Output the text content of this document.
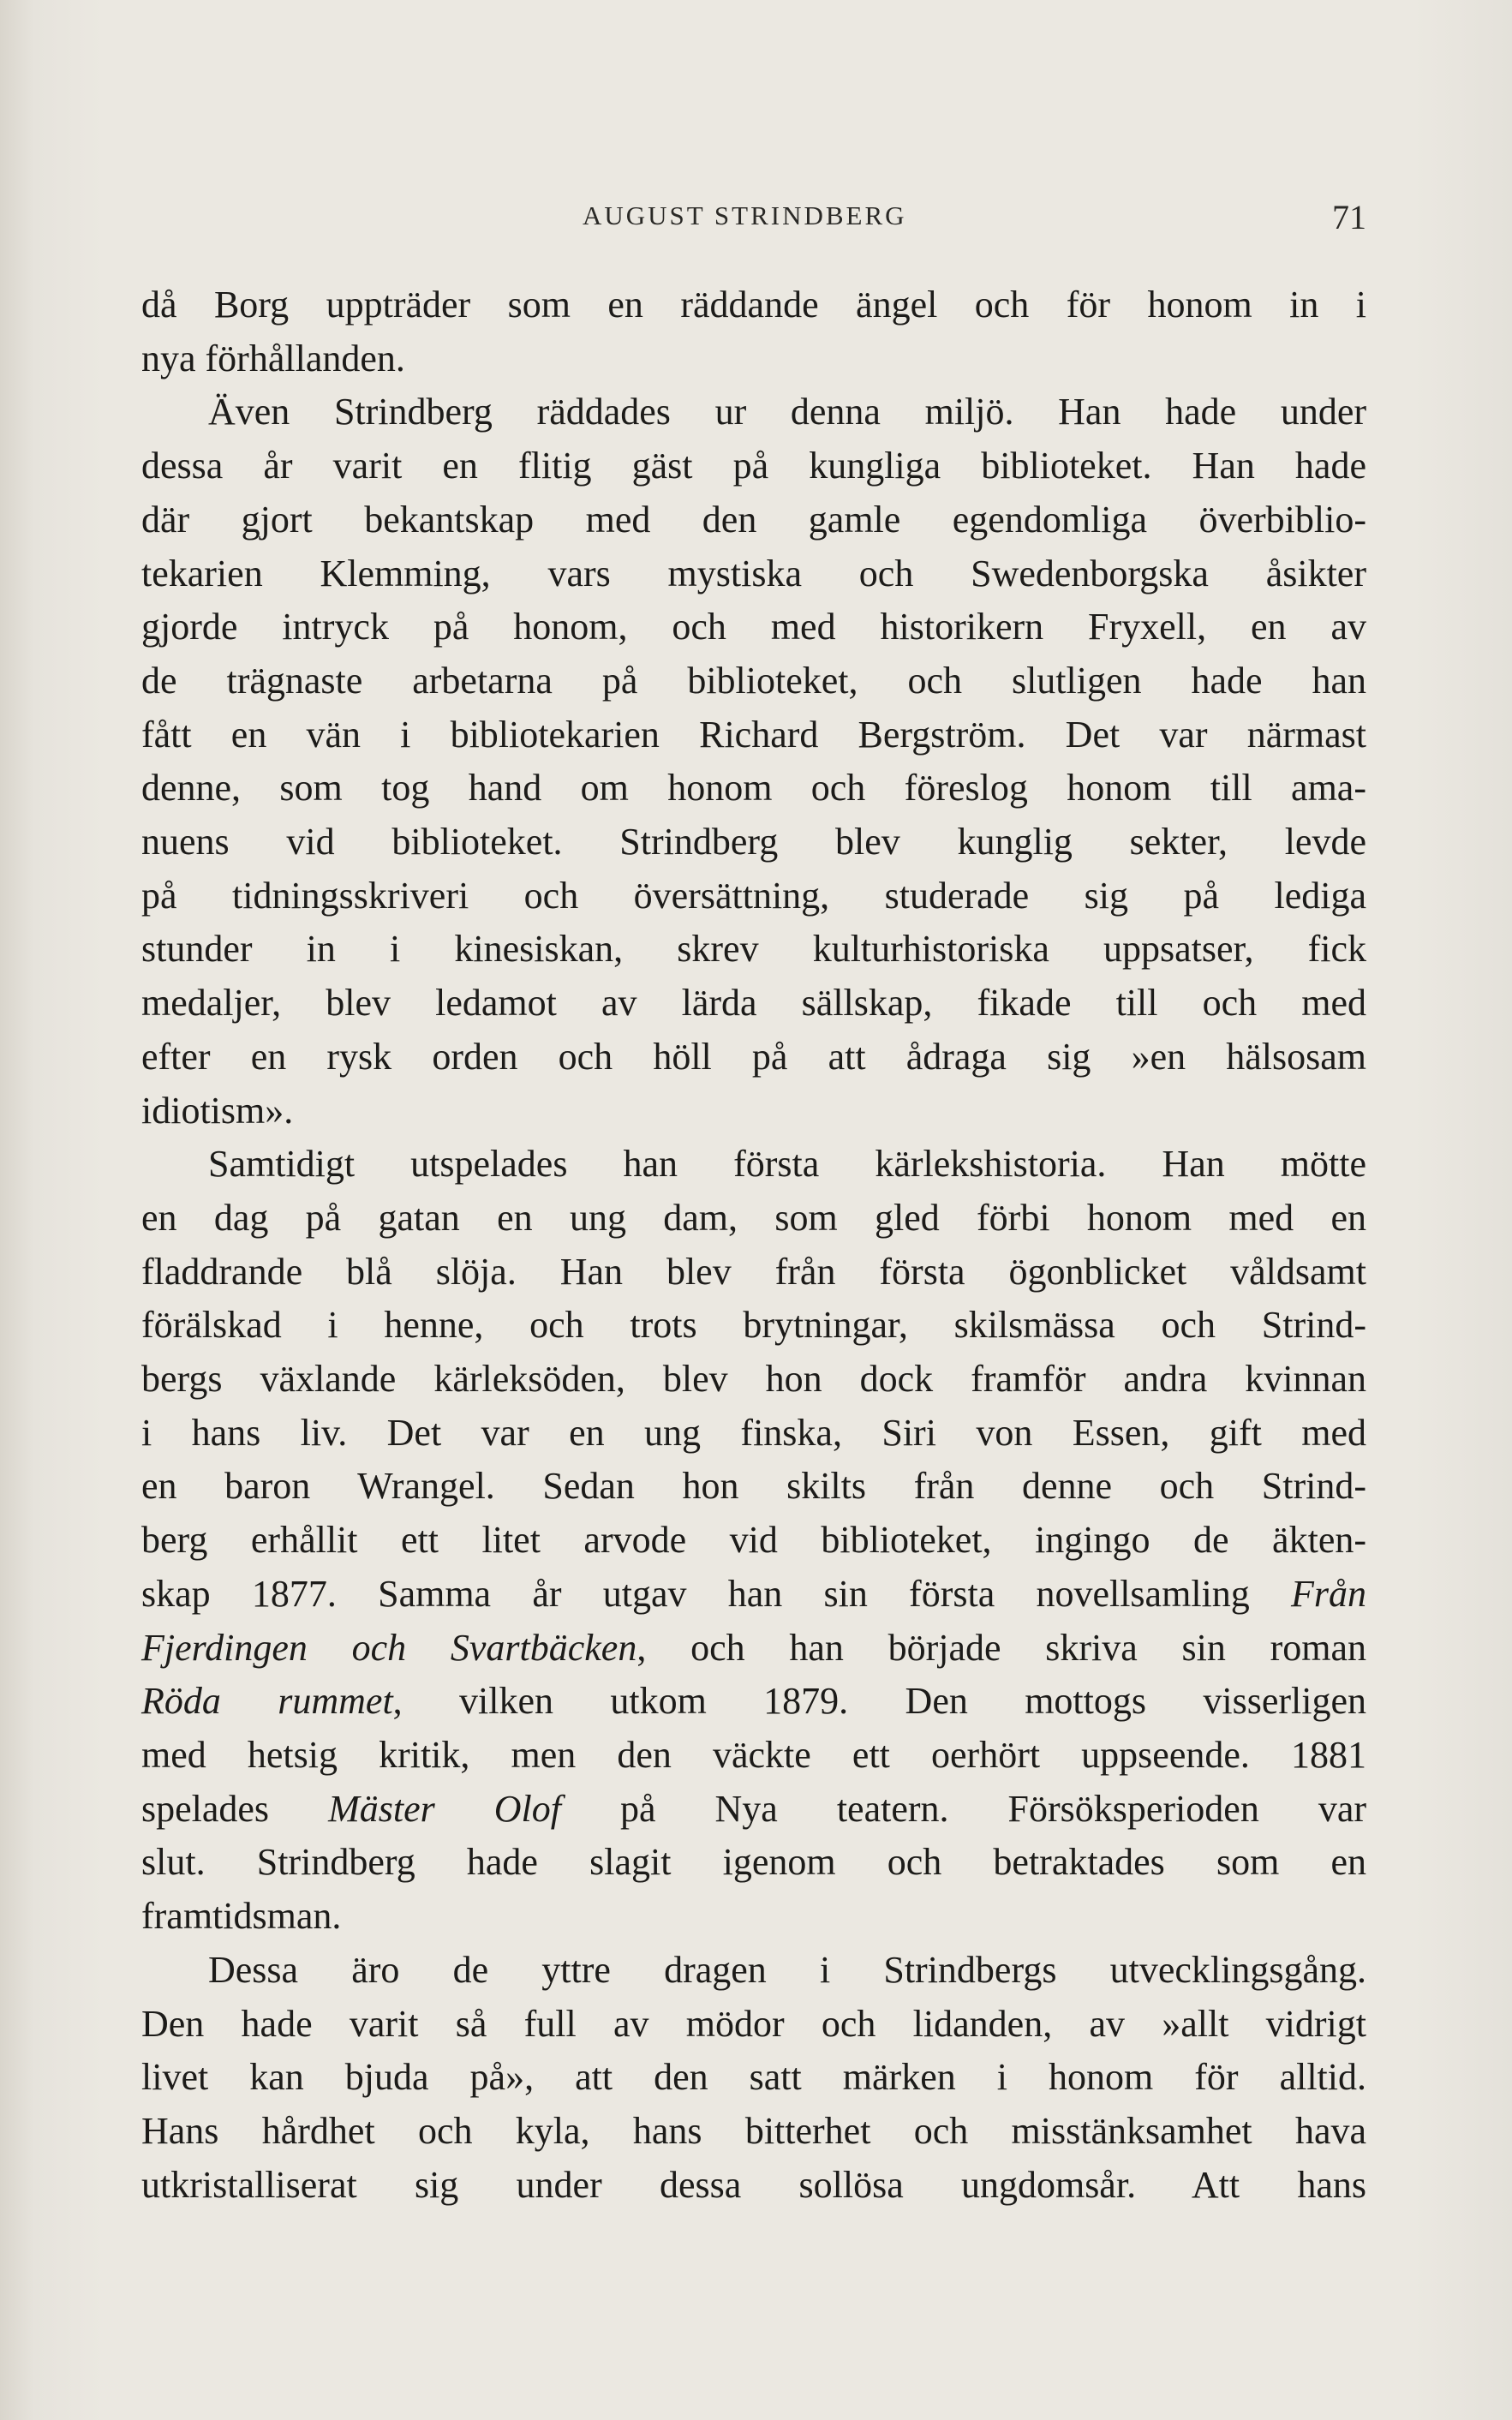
AUGUST STRINDBERG	71
då Borg uppträder som en räddande ängel och för honom in i
nya förhållanden.
Även Strindberg räddades ur denna miljö. Han hade under
dessa år varit en flitig gäst på kungliga biblioteket. Han hade
där gjort bekantskap med den gamle egendomliga överbiblio-
tekarien Klemming, vars mystiska och Swedenborgska åsikter
gjorde intryck på honom, och med historikern Fryxell, en av
de trägnaste arbetarna på biblioteket, och slutligen hade han
fått en vän i bibliotekarien Richard Bergström. Det var närmast
denne, som tog hand om honom och föreslog honom till ama-
nuens vid biblioteket. Strindberg blev kunglig sekter, levde
på tidningsskriveri och översättning, studerade sig på lediga
stunder in i kinesiskan, skrev kulturhistoriska uppsatser, fick
medaljer, blev ledamot av lärda sällskap, fikade till och med
efter en rysk orden och höll på att ådraga sig »en hälsosam
idiotism».
Samtidigt utspelades han första kärlekshistoria. Han mötte
en dag på gatan en ung dam, som gled förbi honom med en
fladdrande blå slöja. Han blev från första ögonblicket våldsamt
förälskad i henne, och trots brytningar, skilsmässa och Strind-
bergs växlande kärleksöden, blev hon dock framför andra kvinnan
i hans liv. Det var en ung finska, Siri von Essen, gift med
en baron Wrangel. Sedan hon skilts från denne och Strind-
berg erhållit ett litet arvode vid biblioteket, ingingo de äkten-
skap 1877. Samma år utgav han sin första novellsamling Från
Fjerdingen och Svartbäcken, och han började skriva sin roman
Röda rummet, vilken utkom 1879. Den mottogs visserligen
med hetsig kritik, men den väckte ett oerhört uppseende. 1881
spelades Mäster Olof på Nya teatern. Försöksperioden var
slut. Strindberg hade slagit igenom och betraktades som en
framtidsman.
Dessa äro de yttre dragen i Strindbergs utvecklingsgång.
Den hade varit så full av mödor och lidanden, av »allt vidrigt
livet kan bjuda på», att den satt märken i honom för alltid.
Hans hårdhet och kyla, hans bitterhet och misstänksamhet hava
utkristalliserat sig under dessa sollösa ungdomsår. Att hans
